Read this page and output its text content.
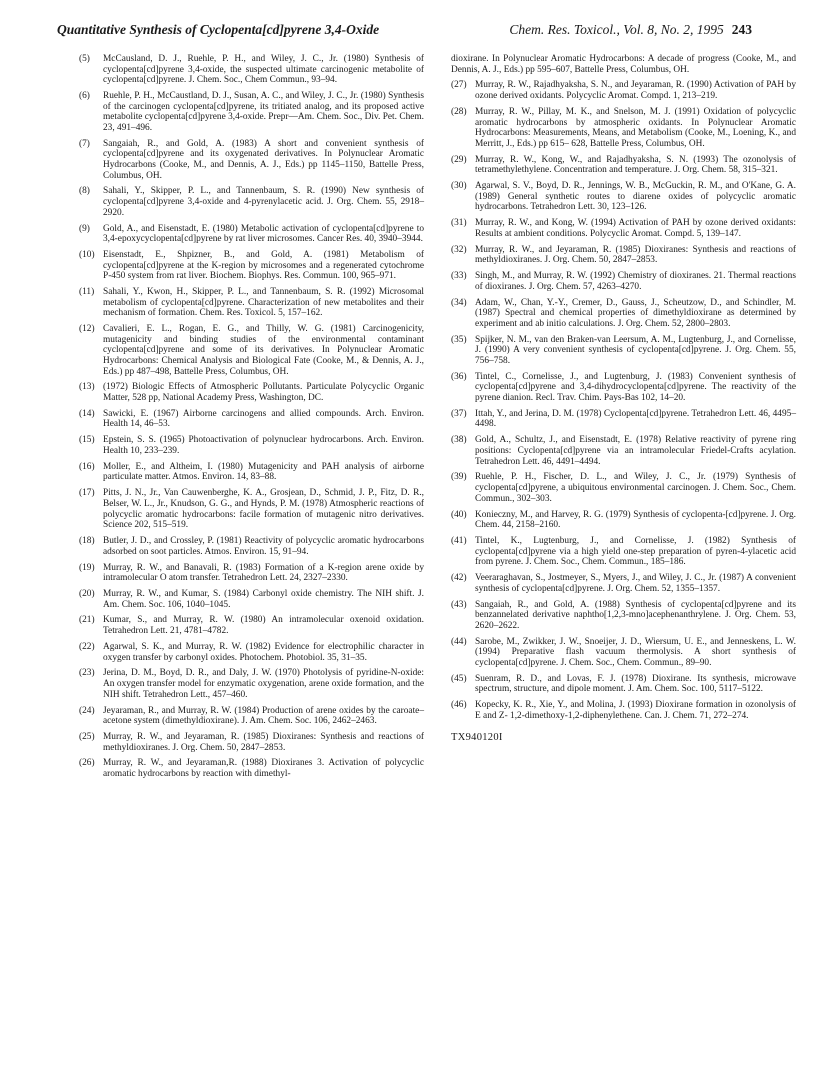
Quantitative Synthesis of Cyclopenta[cd]pyrene 3,4-Oxide	Chem. Res. Toxicol., Vol. 8, No. 2, 1995 243
(5)	McCausland, D. J., Ruehle, P. H., and Wiley, J. C., Jr. (1980) Synthesis of cyclopenta[cd]pyrene 3,4-oxide, the suspected ultimate carcinogenic metabolite of cyclopenta[cd]pyrene. J. Chem. Soc., Chem Commun., 93–94.
(6)	Ruehle, P. H., McCaustland, D. J., Susan, A. C., and Wiley, J. C., Jr. (1980) Synthesis of the carcinogen cyclopenta[cd]pyrene, its tritiated analog, and its proposed active metabolite cyclopenta[cd]pyrene 3,4-oxide. Prepr—Am. Chem. Soc., Div. Pet. Chem. 23, 491–496.
(7)	Sangaiah, R., and Gold, A. (1983) A short and convenient synthesis of cyclopenta[cd]pyrene and its oxygenated derivatives. In Polynuclear Aromatic Hydrocarbons (Cooke, M., and Dennis, A. J., Eds.) pp 1145–1150, Battelle Press, Columbus, OH.
(8)	Sahali, Y., Skipper, P. L., and Tannenbaum, S. R. (1990) New synthesis of cyclopenta[cd]pyrene 3,4-oxide and 4-pyrenylacetic acid. J. Org. Chem. 55, 2918–2920.
(9)	Gold, A., and Eisenstadt, E. (1980) Metabolic activation of cyclopenta[cd]pyrene to 3,4-epoxycyclopenta[cd]pyrene by rat liver microsomes. Cancer Res. 40, 3940–3944.
(10) Eisenstadt, E., Shpizner, B., and Gold, A. (1981) Metabolism of cyclopenta[cd]pyrene at the K-region by microsomes and a regenerated cytochrome P-450 system from rat liver. Biochem. Biophys. Res. Commun. 100, 965–971.
(11) Sahali, Y., Kwon, H., Skipper, P. L., and Tannenbaum, S. R. (1992) Microsomal metabolism of cyclopenta[cd]pyrene. Characterization of new metabolites and their mechanism of formation. Chem. Res. Toxicol. 5, 157–162.
(12) Cavalieri, E. L., Rogan, E. G., and Thilly, W. G. (1981) Carcinogenicity, mutagenicity and binding studies of the environmental contaminant cyclopenta[cd]pyrene and some of its derivatives. In Polynuclear Aromatic Hydrocarbons: Chemical Analysis and Biological Fate (Cooke, M., & Dennis, A. J., Eds.) pp 487–498, Battelle Press, Columbus, OH.
(13) (1972) Biologic Effects of Atmospheric Pollutants. Particulate Polycyclic Organic Matter, 528 pp, National Academy Press, Washington, DC.
(14) Sawicki, E. (1967) Airborne carcinogens and allied compounds. Arch. Environ. Health 14, 46–53.
(15) Epstein, S. S. (1965) Photoactivation of polynuclear hydrocarbons. Arch. Environ. Health 10, 233–239.
(16) Moller, E., and Altheim, I. (1980) Mutagenicity and PAH analysis of airborne particulate matter. Atmos. Environ. 14, 83–88.
(17) Pitts, J. N., Jr., Van Cauwenberghe, K. A., Grosjean, D., Schmid, J. P., Fitz, D. R., Belser, W. L., Jr., Knudson, G. G., and Hynds, P. M. (1978) Atmospheric reactions of polycyclic aromatic hydrocarbons: facile formation of mutagenic nitro derivatives. Science 202, 515–519.
(18) Butler, J. D., and Crossley, P. (1981) Reactivity of polycyclic aromatic hydrocarbons adsorbed on soot particles. Atmos. Environ. 15, 91–94.
(19) Murray, R. W., and Banavali, R. (1983) Formation of a K-region arene oxide by intramolecular O atom transfer. Tetrahedron Lett. 24, 2327–2330.
(20) Murray, R. W., and Kumar, S. (1984) Carbonyl oxide chemistry. The NIH shift. J. Am. Chem. Soc. 106, 1040–1045.
(21) Kumar, S., and Murray, R. W. (1980) An intramolecular oxenoid oxidation. Tetrahedron Lett. 21, 4781–4782.
(22) Agarwal, S. K., and Murray, R. W. (1982) Evidence for electrophilic character in oxygen transfer by carbonyl oxides. Photochem. Photobiol. 35, 31–35.
(23) Jerina, D. M., Boyd, D. R., and Daly, J. W. (1970) Photolysis of pyridine-N-oxide: An oxygen transfer model for enzymatic oxygenation, arene oxide formation, and the NIH shift. Tetrahedron Lett., 457–460.
(24) Jeyaraman, R., and Murray, R. W. (1984) Production of arene oxides by the caroate–acetone system (dimethyldioxirane). J. Am. Chem. Soc. 106, 2462–2463.
(25) Murray, R. W., and Jeyaraman, R. (1985) Dioxiranes: Synthesis and reactions of methyldioxiranes. J. Org. Chem. 50, 2847–2853.
(26) Murray, R. W., and Jeyaraman,R. (1988) Dioxiranes 3. Activation of polycyclic aromatic hydrocarbons by reaction with dimethyl-
dioxirane. In Polynuclear Aromatic Hydrocarbons: A decade of progress (Cooke, M., and Dennis, A. J., Eds.) pp 595–607, Battelle Press, Columbus, OH.
(27) Murray, R. W., Rajadhyaksha, S. N., and Jeyaraman, R. (1990) Activation of PAH by ozone derived oxidants. Polycyclic Aromat. Compd. 1, 213–219.
(28) Murray, R. W., Pillay, M. K., and Snelson, M. J. (1991) Oxidation of polycyclic aromatic hydrocarbons by atmospheric oxidants. In Polynuclear Aromatic Hydrocarbons: Measurements, Means, and Metabolism (Cooke, M., Loening, K., and Merritt, J., Eds.) pp 615– 628, Battelle Press, Columbus, OH.
(29) Murray, R. W., Kong, W., and Rajadhyaksha, S. N. (1993) The ozonolysis of tetramethylethylene. Concentration and temperature. J. Org. Chem. 58, 315–321.
(30) Agarwal, S. V., Boyd, D. R., Jennings, W. B., McGuckin, R. M., and O'Kane, G. A. (1989) General synthetic routes to diarene oxides of polycyclic aromatic hydrocarbons. Tetrahedron Lett. 30, 123–126.
(31) Murray, R. W., and Kong, W. (1994) Activation of PAH by ozone derived oxidants: Results at ambient conditions. Polycyclic Aromat. Compd. 5, 139–147.
(32) Murray, R. W., and Jeyaraman, R. (1985) Dioxiranes: Synthesis and reactions of methyldioxiranes. J. Org. Chem. 50, 2847–2853.
(33) Singh, M., and Murray, R. W. (1992) Chemistry of dioxiranes. 21. Thermal reactions of dioxiranes. J. Org. Chem. 57, 4263–4270.
(34) Adam, W., Chan, Y.-Y., Cremer, D., Gauss, J., Scheutzow, D., and Schindler, M. (1987) Spectral and chemical properties of dimethyldioxirane as determined by experiment and ab initio calculations. J. Org. Chem. 52, 2800–2803.
(35) Spijker, N. M., van den Braken-van Leersum, A. M., Lugtenburg, J., and Cornelisse, J. (1990) A very convenient synthesis of cyclopenta[cd]pyrene. J. Org. Chem. 55, 756–758.
(36) Tintel, C., Cornelisse, J., and Lugtenburg, J. (1983) Convenient synthesis of cyclopenta[cd]pyrene and 3,4-dihydrocyclopenta[cd]pyrene. The reactivity of the pyrene dianion. Recl. Trav. Chim. Pays-Bas 102, 14–20.
(37) Ittah, Y., and Jerina, D. M. (1978) Cyclopenta[cd]pyrene. Tetrahedron Lett. 46, 4495–4498.
(38) Gold, A., Schultz, J., and Eisenstadt, E. (1978) Relative reactivity of pyrene ring positions: Cyclopenta[cd]pyrene via an intramolecular Friedel-Crafts acylation. Tetrahedron Lett. 46, 4491–4494.
(39) Ruehle, P. H., Fischer, D. L., and Wiley, J. C., Jr. (1979) Synthesis of cyclopenta[cd]pyrene, a ubiquitous environmental carcinogen. J. Chem. Soc., Chem. Commun., 302–303.
(40) Konieczny, M., and Harvey, R. G. (1979) Synthesis of cyclopenta-[cd]pyrene. J. Org. Chem. 44, 2158–2160.
(41) Tintel, K., Lugtenburg, J., and Cornelisse, J. (1982) Synthesis of cyclopenta[cd]pyrene via a high yield one-step preparation of pyren-4-ylacetic acid from pyrene. J. Chem. Soc., Chem. Commun., 185–186.
(42) Veeraraghavan, S., Jostmeyer, S., Myers, J., and Wiley, J. C., Jr. (1987) A convenient synthesis of cyclopenta[cd]pyrene. J. Org. Chem. 52, 1355–1357.
(43) Sangaiah, R., and Gold, A. (1988) Synthesis of cyclopenta[cd]pyrene and its benzannelated derivative naphtho[1,2,3-mno]acephenanthrylene. J. Org. Chem. 53, 2620–2622.
(44) Sarobe, M., Zwikker, J. W., Snoeijer, J. D., Wiersum, U. E., and Jenneskens, L. W. (1994) Preparative flash vacuum thermolysis. A short synthesis of cyclopenta[cd]pyrene. J. Chem. Soc., Chem. Commun., 89–90.
(45) Suenram, R. D., and Lovas, F. J. (1978) Dioxirane. Its synthesis, microwave spectrum, structure, and dipole moment. J. Am. Chem. Soc. 100, 5117–5122.
(46) Kopecky, K. R., Xie, Y., and Molina, J. (1993) Dioxirane formation in ozonolysis of E and Z- 1,2-dimethoxy-1,2-diphenylethene. Can. J. Chem. 71, 272–274.
TX940120I
